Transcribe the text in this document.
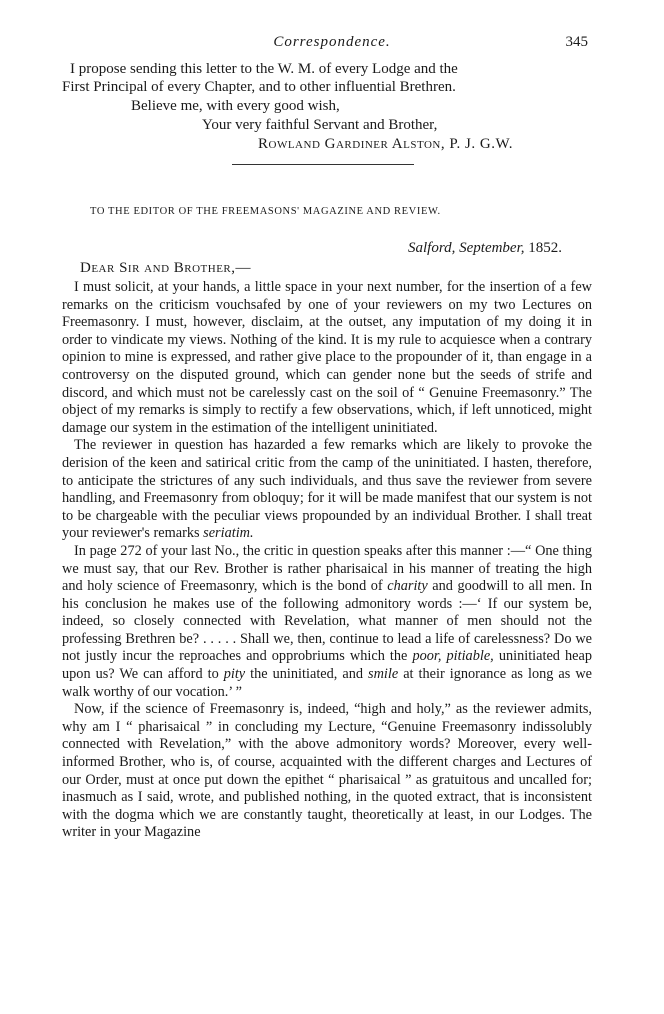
Correspondence.	345
I propose sending this letter to the W. M. of every Lodge and the
First Principal of every Chapter, and to other influential Brethren.
Believe me, with every good wish,
Your very faithful Servant and Brother,
Rowland Gardiner Alston, P. J. G.W.
TO THE EDITOR OF THE FREEMASONS' MAGAZINE AND REVIEW.
Salford, September, 1852.
Dear Sir and Brother,—

I must solicit, at your hands, a little space in your next number, for the insertion of a few remarks on the criticism vouchsafed by one of your reviewers on my two Lectures on Freemasonry. I must, however, disclaim, at the outset, any imputation of my doing it in order to vindicate my views. Nothing of the kind. It is my rule to acquiesce when a contrary opinion to mine is expressed, and rather give place to the propounder of it, than engage in a controversy on the disputed ground, which can gender none but the seeds of strife and discord, and which must not be carelessly cast on the soil of “ Genuine Freemasonry.” The object of my remarks is simply to rectify a few observations, which, if left unnoticed, might damage our system in the estimation of the intelligent uninitiated.

The reviewer in question has hazarded a few remarks which are likely to provoke the derision of the keen and satirical critic from the camp of the uninitiated. I hasten, therefore, to anticipate the strictures of any such individuals, and thus save the reviewer from severe handling, and Freemasonry from obloquy; for it will be made manifest that our system is not to be chargeable with the peculiar views propounded by an individual Brother. I shall treat your reviewer's remarks seriatim.

In page 272 of your last No., the critic in question speaks after this manner :—“ One thing we must say, that our Rev. Brother is rather pharisaical in his manner of treating the high and holy science of Freemasonry, which is the bond of charity and goodwill to all men. In his conclusion he makes use of the following admonitory words :—‘ If our system be, indeed, so closely connected with Revelation, what manner of men should not the professing Brethren be? . . . . . Shall we, then, continue to lead a life of carelessness? Do we not justly incur the reproaches and opprobriums which the poor, pitiable, uninitiated heap upon us? We can afford to pity the uninitiated, and smile at their ignorance as long as we walk worthy of our vocation.’ ”

Now, if the science of Freemasonry is, indeed, “high and holy,” as the reviewer admits, why am I “ pharisaical ” in concluding my Lecture, “Genuine Freemasonry indissolubly connected with Revelation,” with the above admonitory words? Moreover, every well-informed Brother, who is, of course, acquainted with the different charges and Lectures of our Order, must at once put down the epithet “ pharisaical ” as gratuitous and uncalled for; inasmuch as I said, wrote, and published nothing, in the quoted extract, that is inconsistent with the dogma which we are constantly taught, theoretically at least, in our Lodges. The writer in your Magazine
